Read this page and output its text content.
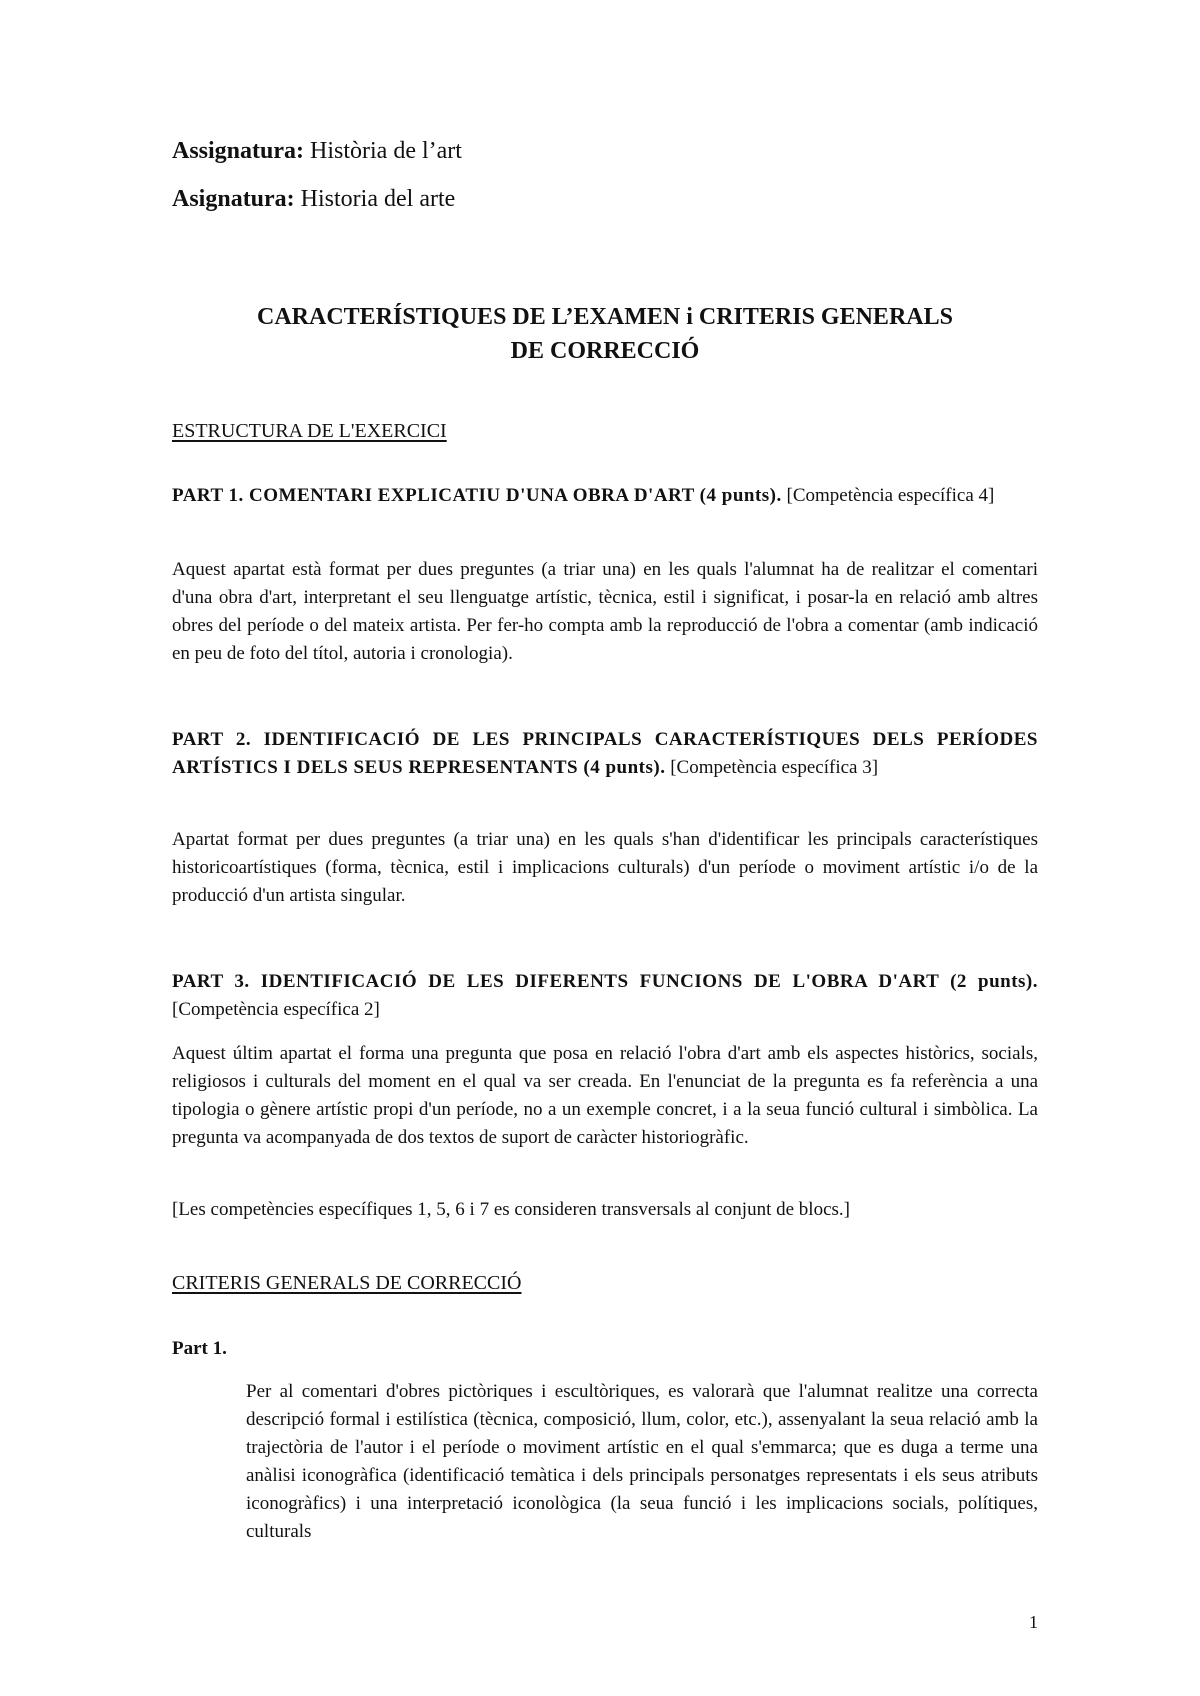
Assignatura: Història de l’art
Asignatura: Historia del arte
CARACTERÍSTIQUES DE L’EXAMEN i CRITERIS GENERALS
DE CORRECCIÓ
ESTRUCTURA DE L'EXERCICI
PART 1. COMENTARI EXPLICATIU D'UNA OBRA D'ART (4 punts). [Competència específica 4]
Aquest apartat està format per dues preguntes (a triar una) en les quals l'alumnat ha de realitzar el comentari d'una obra d'art, interpretant el seu llenguatge artístic, tècnica, estil i significat, i posar-la en relació amb altres obres del període o del mateix artista. Per fer-ho compta amb la reproducció de l'obra a comentar (amb indicació en peu de foto del títol, autoria i cronologia).
PART 2. IDENTIFICACIÓ DE LES PRINCIPALS CARACTERÍSTIQUES DELS PERÍODES ARTÍSTICS I DELS SEUS REPRESENTANTS (4 punts). [Competència específica 3]
Apartat format per dues preguntes (a triar una) en les quals s'han d'identificar les principals característiques historicoartístiques (forma, tècnica, estil i implicacions culturals) d'un període o moviment artístic i/o de la producció d'un artista singular.
PART 3. IDENTIFICACIÓ DE LES DIFERENTS FUNCIONS DE L'OBRA D'ART (2 punts). [Competència específica 2]
Aquest últim apartat el forma una pregunta que posa en relació l'obra d'art amb els aspectes històrics, socials, religiosos i culturals del moment en el qual va ser creada. En l'enunciat de la pregunta es fa referència a una tipologia o gènere artístic propi d'un període, no a un exemple concret, i a la seua funció cultural i simbòlica. La pregunta va acompanyada de dos textos de suport de caràcter historiogràfic.
[Les competències específiques 1, 5, 6 i 7 es consideren transversals al conjunt de blocs.]
CRITERIS GENERALS DE CORRECCIÓ
Part 1.
Per al comentari d'obres pictòriques i escultòriques, es valorarà que l'alumnat realitze una correcta descripció formal i estilística (tècnica, composició, llum, color, etc.), assenyalant la seua relació amb la trajectòria de l'autor i el període o moviment artístic en el qual s'emmarca; que es duga a terme una anàlisi iconogràfica (identificació temàtica i dels principals personatges representats i els seus atributs iconogràfics) i una interpretació iconològica (la seua funció i les implicacions socials, polítiques, culturals
1
